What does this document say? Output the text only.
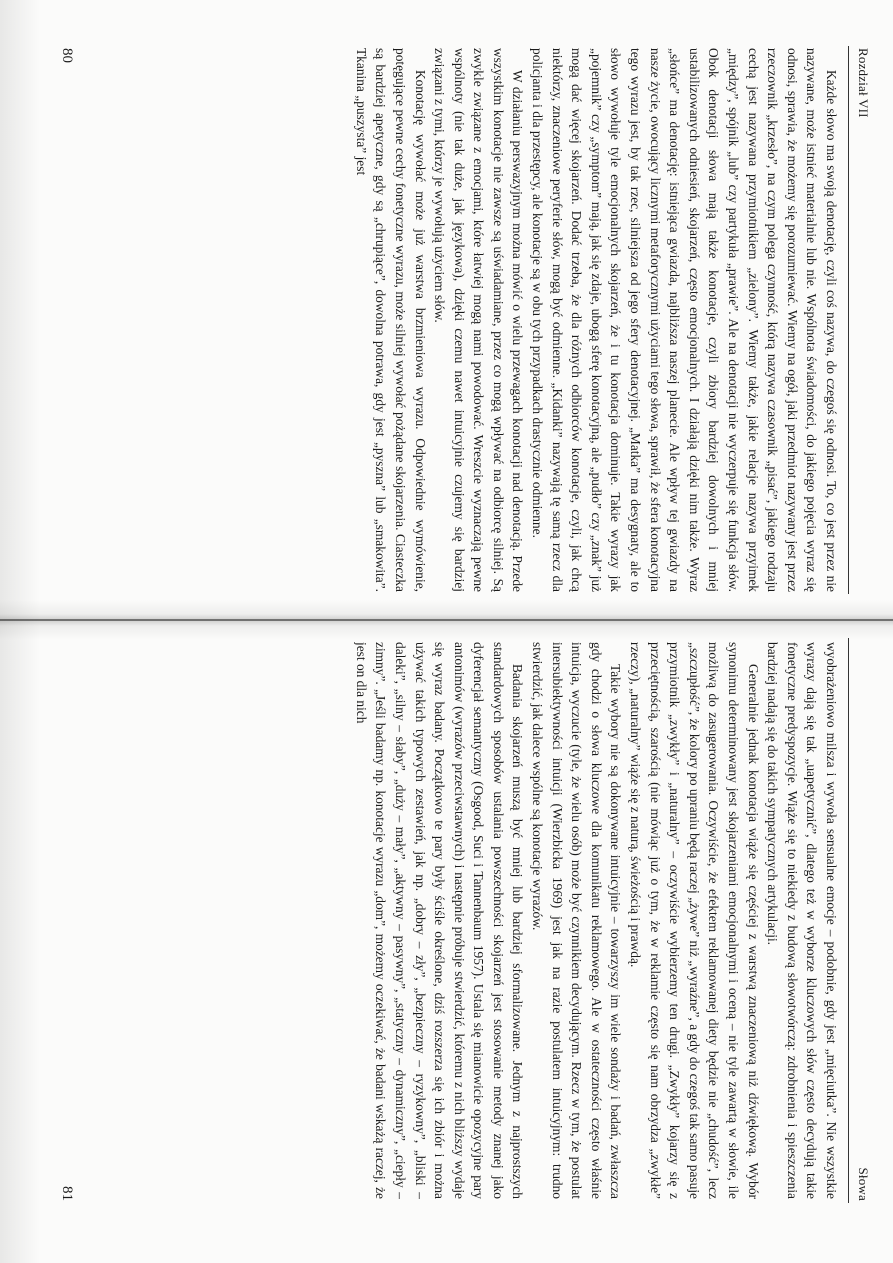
Rozdział VII

Każde słowo ma swoją denotację, czyli coś nazywa, do czegoś się odnosi. To, co jest przez nie nazywane, może istnieć materialnie lub nie. Wspólnota świadomości, do jakiego pojęcia wyraz się odnosi, sprawia, że możemy się porozumiewać. Wiemy na ogół, jaki przedmiot nazywany jest przez rzeczownik „krzesło”, na czym polega czynność, którą nazywa czasownik „pisać”, jakiego rodzaju cechą jest nazywana przymiotnikiem „zielony”. Wiemy także, jakie relacje nazywa przyimek „między”, spójnik „lub” czy partykuła „prawie”. Ale na denotacji nie wyczerpuje się funkcja słów. Obok denotacji słowa mają także konotacje, czyli zbiory bardziej dowolnych i mniej ustabilizowanych odniesień, skojarzeń, często emocjonalnych. I działają dzięki nim także. Wyraz „słońce” ma denotację: istniejąca gwiazda, najbliższa naszej planecie. Ale wpływ tej gwiazdy na nasze życie, owocujący licznymi metaforycznymi użyciami tego słowa, sprawił, że sfera konotacyjna tego wyrazu jest, by tak rzec, silniejsza od jego sfery denotacyjnej. „Matka” ma desygnaty, ale to słowo wywołuje tyle emocjonalnych skojarzeń, że i tu konotacja dominuje. Takie wyrazy jak „pojemnik” czy „symptom” mają, jak się zdaje, ubogą sferę konotacyjną, ale „pudło” czy „znak” już mogą dać więcej skojarzeń. Dodać trzeba, że dla różnych odbiorców konotacje, czyli, jak chcą niektórzy, znaczeniowe peryferie słów, mogą być odmienne. „Kidanki” nazywają tę samą rzecz dla policjanta i dla przestępcy, ale konotacje są w obu tych przypadkach drastycznie odmienne.

W działaniu perswazyjnym można mówić o wielu przewagach konotacji nad denotacją. Przede wszystkim konotacje nie zawsze są uświadamiane, przez co mogą wpływać na odbiorcę silniej. Są zwykle związane z emocjami, które łatwiej mogą nami powodować. Wreszcie wyznaczają pewne wspólnoty (nie tak duże, jak językowa), dzięki czemu nawet intuicyjnie czujemy się bardziej związani z tymi, którzy je wywołują użyciem słów.

Konotację wywołać może już warstwa brzmieniowa wyrazu. Odpowiednie wymówienie, potęgujące pewne cechy fonetyczne wyrazu, może silniej wywołać pożądane skojarzenia. Ciasteczka są bardziej apetyczne, gdy są „chrupiące”, dowolna potrawa, gdy jest „pyszna” lub „smakowita”. Tkanina „puszysta” jest

80
Słowa

wyobrażeniowo milsza i wywoła sensualne emocje – podobnie, gdy jest „mięciutka”. Nie wszystkie wyrazy dają się tak „uapetycznić”, dlatego też w wyborze kluczowych słów często decydują takie fonetyczne predyspozycje. Wiąże się to niekiedy z budową słowotwórczą: zdrobnienia i spieszczenia bardziej nadają się do takich sympatycznych artykulacji.

Generalnie jednak konotacja wiąże się częściej z warstwą znaczeniową niż dźwiękową. Wybór synonimu determinowany jest skojarzeniami emocjonalnymi i oceną – nie tyle zawartą w słowie, ile możliwą do zasugerowania. Oczywiście, że efektem reklamowanej diety będzie nie „chudość”, lecz „szczupłość”, że kolory po upraniu będą raczej „żywe” niż „wyraźne”, a gdy do czegoś tak samo pasuje przymiotnik „zwykły” i „naturalny” – oczywiście wybierzemy ten drugi. „Zwykły” kojarzy się z przeciętnością, szarością (nie mówiąc już o tym, że w reklamie często się nam obrzydza „zwykłe” rzeczy), „naturalny” wiąże się z naturą, świeżością i prawdą.

Takie wybory nie są dokonywane intuicyjnie – towarzyszy im wiele sondaży i badań, zwłaszcza gdy chodzi o słowa kluczowe dla komunikatu reklamowego. Ale w ostateczności często właśnie intuicja, wyczucie (tyle, że wielu osób) może być czynnikiem decydującym. Rzecz w tym, że postulat intersubiektywności intuicji (Wierzbicka 1969) jest jak na razie postulatem intuicyjnym: trudno stwierdzić, jak dalece wspólne są konotacje wyrazów.

Badania skojarzeń muszą być mniej lub bardziej sformalizowane. Jednym z najprostszych standardowych sposobów ustalania powszechności skojarzeń jest stosowanie metody znanej jako dyferencjał semantyczny (Osgood, Suci i Tannenbaum 1957). Ustala się mianowicie opozycyjne pary antonimów (wyrazów przeciwstawnych) i następnie próbuje stwierdzić, któremu z nich bliższy wydaje się wyraz badany. Początkowo te pary były ściśle określone, dziś rozszerza się ich zbiór i można używać takich typowych zestawień, jak np. „dobry – zły”, „bezpieczny – ryzykowny”, „bliski – daleki”, „silny – słaby”, „duży – mały”, „aktywny – pasywny”, „statyczny – dynamiczny”, „ciepły – zimny”. „Jeśli badamy np. konotacje wyrazu „dom”, możemy oczekiwać, że badani wskażą raczej, że jest on dla nich

81
